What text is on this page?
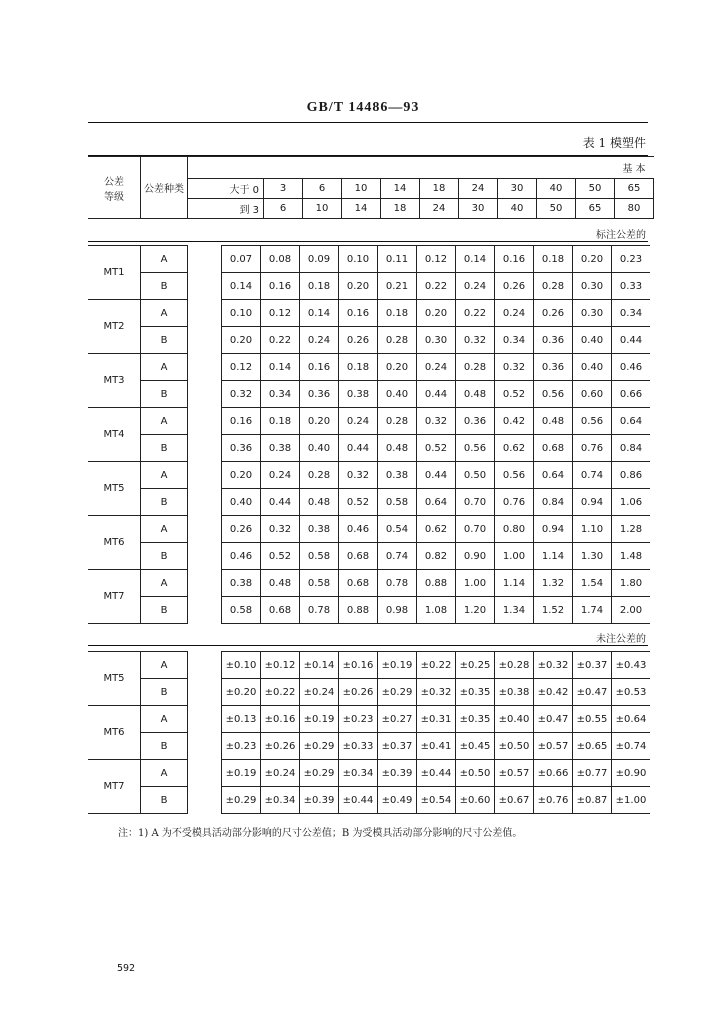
GB/T 14486—93
表 1 模塑件
公差
等级	公差种类	基 本										
		大于 0	3	6	10	14	18	24	30	40	50	65
		到 3	6	10	14	18	24	30	40	50	65	80
标注公差的
MT1	A		0.07	0.08	0.09	0.10	0.11	0.12	0.14	0.16	0.18	0.20	0.23
	B		0.14	0.16	0.18	0.20	0.21	0.22	0.24	0.26	0.28	0.30	0.33
MT2	A		0.10	0.12	0.14	0.16	0.18	0.20	0.22	0.24	0.26	0.30	0.34
	B		0.20	0.22	0.24	0.26	0.28	0.30	0.32	0.34	0.36	0.40	0.44
MT3	A		0.12	0.14	0.16	0.18	0.20	0.24	0.28	0.32	0.36	0.40	0.46
	B		0.32	0.34	0.36	0.38	0.40	0.44	0.48	0.52	0.56	0.60	0.66
MT4	A		0.16	0.18	0.20	0.24	0.28	0.32	0.36	0.42	0.48	0.56	0.64
	B		0.36	0.38	0.40	0.44	0.48	0.52	0.56	0.62	0.68	0.76	0.84
MT5	A		0.20	0.24	0.28	0.32	0.38	0.44	0.50	0.56	0.64	0.74	0.86
	B		0.40	0.44	0.48	0.52	0.58	0.64	0.70	0.76	0.84	0.94	1.06
MT6	A		0.26	0.32	0.38	0.46	0.54	0.62	0.70	0.80	0.94	1.10	1.28
	B		0.46	0.52	0.58	0.68	0.74	0.82	0.90	1.00	1.14	1.30	1.48
MT7	A		0.38	0.48	0.58	0.68	0.78	0.88	1.00	1.14	1.32	1.54	1.80
	B		0.58	0.68	0.78	0.88	0.98	1.08	1.20	1.34	1.52	1.74	2.00
未注公差的
MT5	A		±0.10	±0.12	±0.14	±0.16	±0.19	±0.22	±0.25	±0.28	±0.32	±0.37	±0.43
	B		±0.20	±0.22	±0.24	±0.26	±0.29	±0.32	±0.35	±0.38	±0.42	±0.47	±0.53
MT6	A		±0.13	±0.16	±0.19	±0.23	±0.27	±0.31	±0.35	±0.40	±0.47	±0.55	±0.64
	B		±0.23	±0.26	±0.29	±0.33	±0.37	±0.41	±0.45	±0.50	±0.57	±0.65	±0.74
MT7	A		±0.19	±0.24	±0.29	±0.34	±0.39	±0.44	±0.50	±0.57	±0.66	±0.77	±0.90
	B		±0.29	±0.34	±0.39	±0.44	±0.49	±0.54	±0.60	±0.67	±0.76	±0.87	±1.00
注：1) A 为不受模具活动部分影响的尺寸公差值；B 为受模具活动部分影响的尺寸公差值。
592
